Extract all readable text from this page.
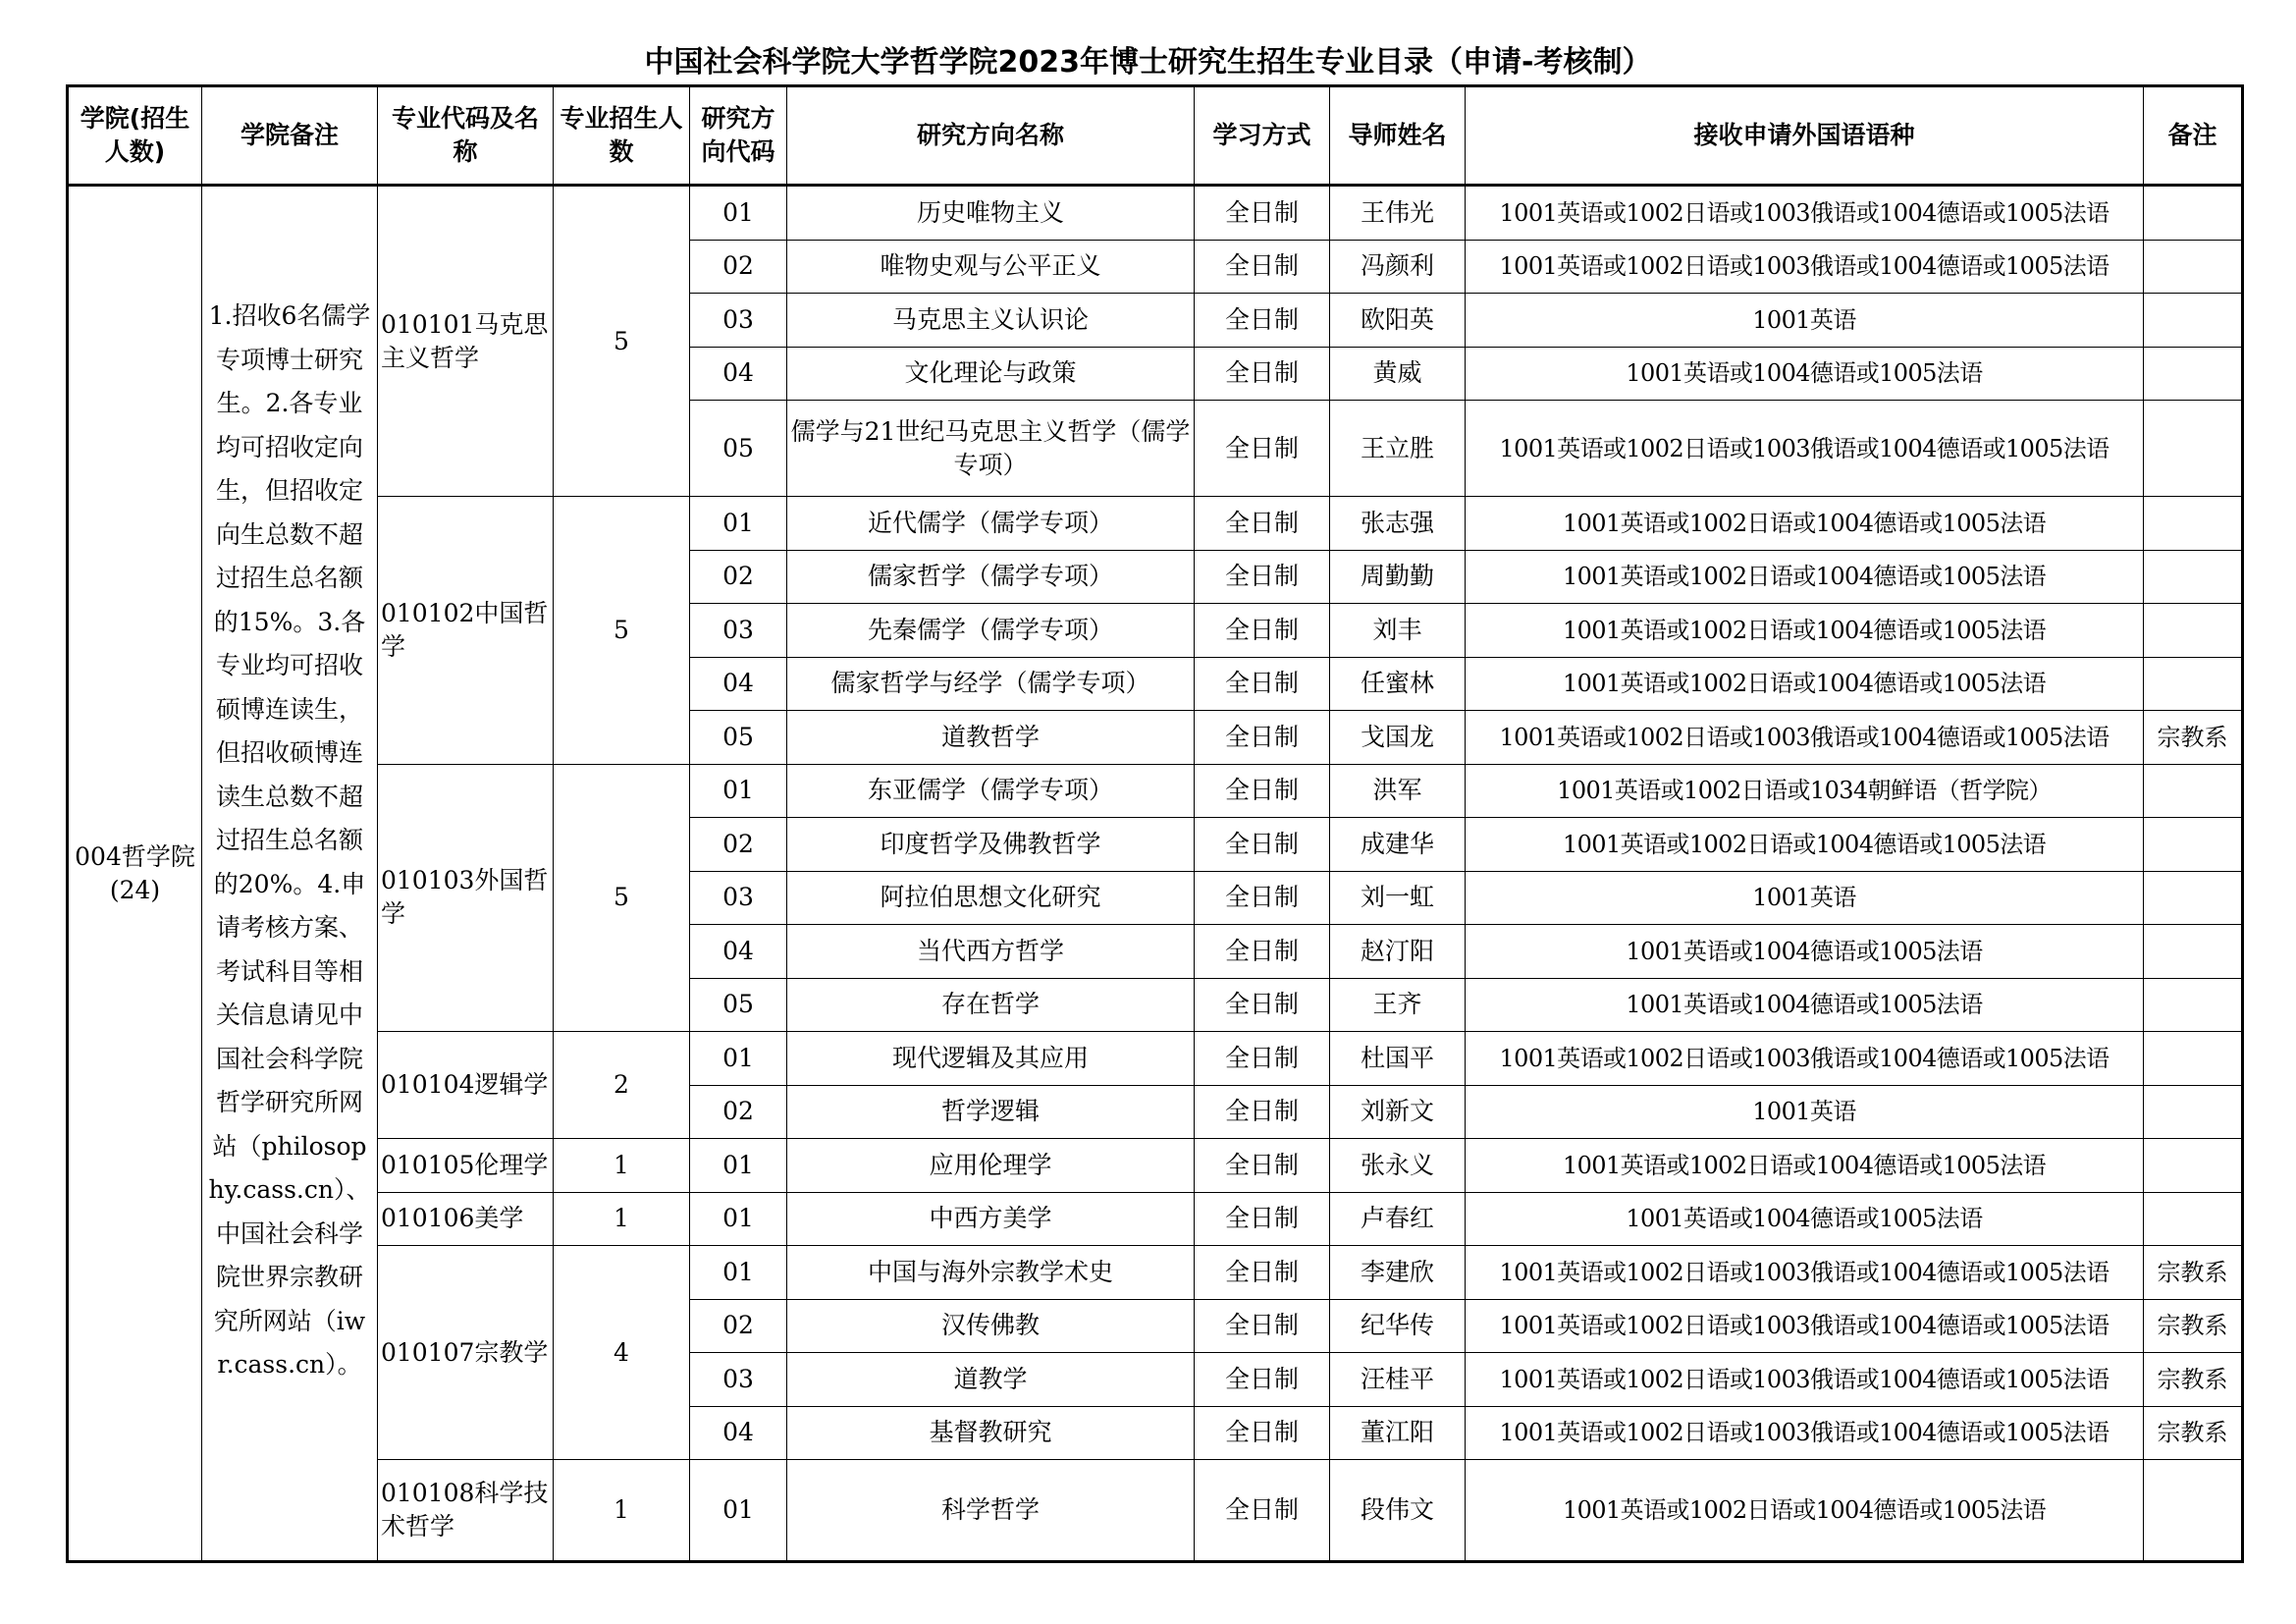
中国社会科学院大学哲学院2023年博士研究生招生专业目录（申请-考核制）
学院(招生人数)	学院备注	专业代码及名称	专业招生人数	研究方向代码	研究方向名称	学习方式	导师姓名	接收申请外国语语种	备注
004哲学院(24)	1.招收6名儒学专项博士研究生。2.各专业均可招收定向生，但招收定向生总数不超过招生总名额的15%。3.各专业均可招收硕博连读生，但招收硕博连读生总数不超过招生总名额的20%。4.申请考核方案、考试科目等相关信息请见中国社会科学院哲学研究所网站（philosophy.cass.cn）、中国社会科学院世界宗教研究所网站（iwr.cass.cn）。	010101马克思主义哲学	5	01	历史唯物主义	全日制	王伟光	1001英语或1002日语或1003俄语或1004德语或1005法语	
				02	唯物史观与公平正义	全日制	冯颜利	1001英语或1002日语或1003俄语或1004德语或1005法语	
				03	马克思主义认识论	全日制	欧阳英	1001英语	
				04	文化理论与政策	全日制	黄威	1001英语或1004德语或1005法语	
				05	儒学与21世纪马克思主义哲学（儒学专项）	全日制	王立胜	1001英语或1002日语或1003俄语或1004德语或1005法语	
		010102中国哲学	5	01	近代儒学（儒学专项）	全日制	张志强	1001英语或1002日语或1004德语或1005法语	
				02	儒家哲学（儒学专项）	全日制	周勤勤	1001英语或1002日语或1004德语或1005法语	
				03	先秦儒学（儒学专项）	全日制	刘丰	1001英语或1002日语或1004德语或1005法语	
				04	儒家哲学与经学（儒学专项）	全日制	任蜜林	1001英语或1002日语或1004德语或1005法语	
				05	道教哲学	全日制	戈国龙	1001英语或1002日语或1003俄语或1004德语或1005法语	宗教系
		010103外国哲学	5	01	东亚儒学（儒学专项）	全日制	洪军	1001英语或1002日语或1034朝鲜语（哲学院）	
				02	印度哲学及佛教哲学	全日制	成建华	1001英语或1002日语或1004德语或1005法语	
				03	阿拉伯思想文化研究	全日制	刘一虹	1001英语	
				04	当代西方哲学	全日制	赵汀阳	1001英语或1004德语或1005法语	
				05	存在哲学	全日制	王齐	1001英语或1004德语或1005法语	
		010104逻辑学	2	01	现代逻辑及其应用	全日制	杜国平	1001英语或1002日语或1003俄语或1004德语或1005法语	
				02	哲学逻辑	全日制	刘新文	1001英语	
		010105伦理学	1	01	应用伦理学	全日制	张永义	1001英语或1002日语或1004德语或1005法语	
		010106美学	1	01	中西方美学	全日制	卢春红	1001英语或1004德语或1005法语	
		010107宗教学	4	01	中国与海外宗教学术史	全日制	李建欣	1001英语或1002日语或1003俄语或1004德语或1005法语	宗教系
				02	汉传佛教	全日制	纪华传	1001英语或1002日语或1003俄语或1004德语或1005法语	宗教系
				03	道教学	全日制	汪桂平	1001英语或1002日语或1003俄语或1004德语或1005法语	宗教系
				04	基督教研究	全日制	董江阳	1001英语或1002日语或1003俄语或1004德语或1005法语	宗教系
		010108科学技术哲学	1	01	科学哲学	全日制	段伟文	1001英语或1002日语或1004德语或1005法语	
